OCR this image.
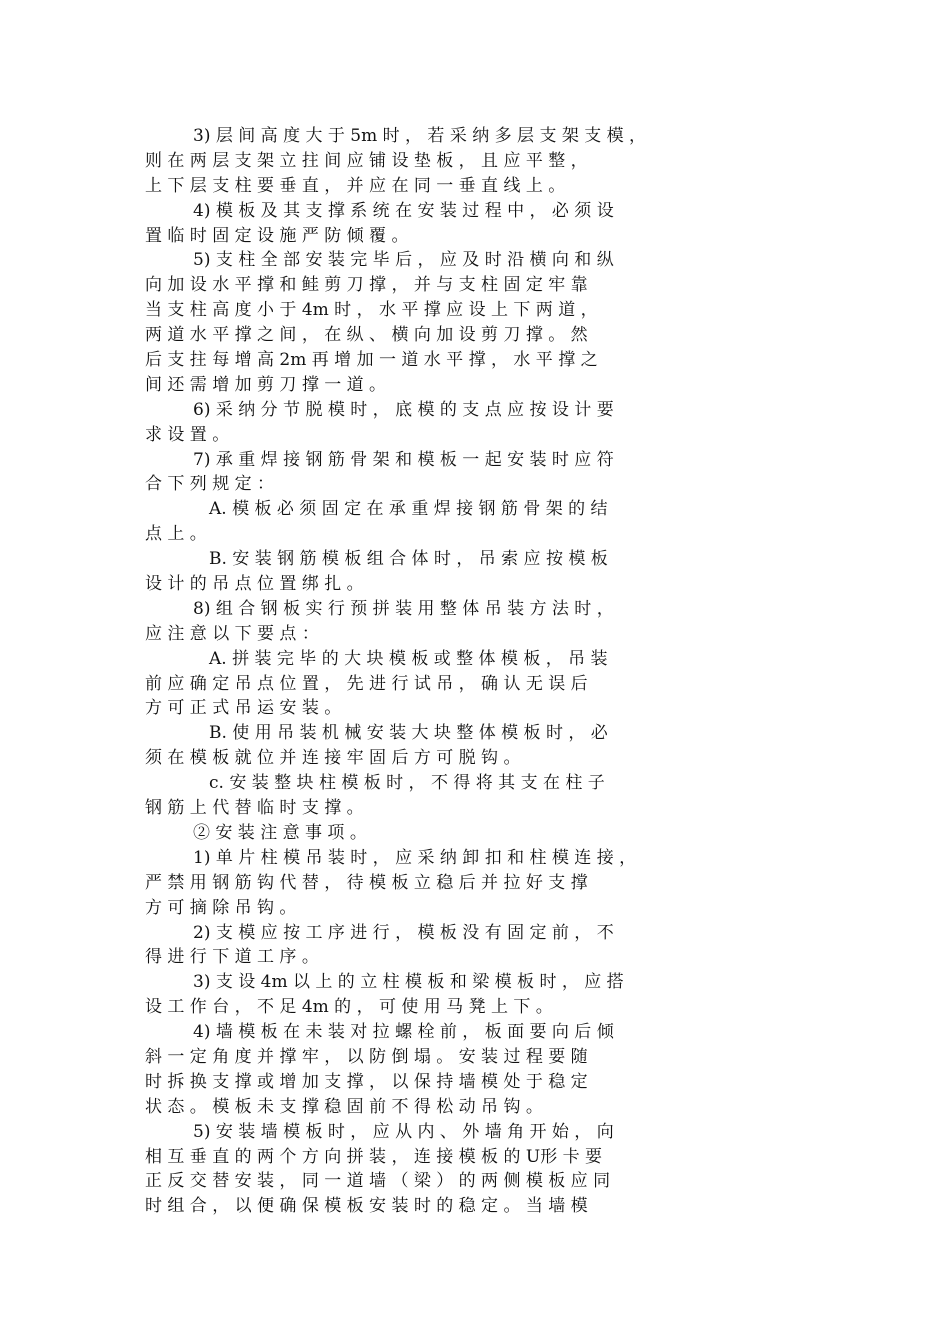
3) 层 间 高 度 大 于 5m 时 ， 若 采 纳 多 层 支 架 支 模 ，
则 在 两 层 支 架 立 拄 间 应 铺 设 垫 板 ， 且 应 平 整 ，
上 下 层 支 柱 要 垂 直 ， 并 应 在 同 一 垂 直 线 上 。
4) 模 板 及 其 支 撑 系 统 在 安 装 过 程 中 ， 必 须 设
置 临 时 固 定 设 施 严 防 倾 覆 。
5) 支 柱 全 部 安 装 完 毕 后 ， 应 及 时 沿 横 向 和 纵
向 加 设 水 平 撑 和 鲑 剪 刀 撑 ， 并 与 支 柱 固 定 牢 靠
当 支 柱 高 度 小 于 4m 时 ， 水 平 撑 应 设 上 下 两 道 ，
两 道 水 平 撑 之 间 ， 在 纵 、 横 向 加 设 剪 刀 撑 。 然
后 支 拄 每 增 高 2m 再 增 加 一 道 水 平 撑 ， 水 平 撑 之
间 还 需 增 加 剪 刀 撑 一 道 。
6) 采 纳 分 节 脱 模 时 ， 底 模 的 支 点 应 按 设 计 要
求 设 置 。
7) 承 重 焊 接 钢 筋 骨 架 和 模 板 一 起 安 装 时 应 符
合 下 列 规 定 ：
A. 模 板 必 须 固 定 在 承 重 焊 接 钢 筋 骨 架 的 结
点 上 。
B. 安 装 钢 筋 模 板 组 合 体 时 ， 吊 索 应 按 模 板
设 计 的 吊 点 位 置 绑 扎 。
8) 组 合 钢 板 实 行 预 拼 装 用 整 体 吊 装 方 法 时 ，
应 注 意 以 下 要 点 ：
A. 拼 装 完 毕 的 大 块 模 板 或 整 体 模 板 ， 吊 装
前 应 确 定 吊 点 位 置 ， 先 进 行 试 吊 ， 确 认 无 误 后
方 可 正 式 吊 运 安 装 。
B. 使 用 吊 装 机 械 安 装 大 块 整 体 模 板 时 ， 必
须 在 模 板 就 位 并 连 接 牢 固 后 方 可 脱 钩 。
c. 安 装 整 块 柱 模 板 时 ， 不 得 将 其 支 在 柱 子
钢 筋 上 代 替 临 时 支 撑 。
② 安 装 注 意 事 项 。
1) 单 片 柱 模 吊 装 时 ， 应 采 纳 卸 扣 和 柱 模 连 接 ，
严 禁 用 钢 筋 钩 代 替 ， 待 模 板 立 稳 后 并 拉 好 支 撑
方 可 摘 除 吊 钩 。
2) 支 模 应 按 工 序 进 行 ， 模 板 没 有 固 定 前 ， 不
得 进 行 下 道 工 序 。
3) 支 设 4m 以 上 的 立 柱 模 板 和 梁 模 板 时 ， 应 搭
设 工 作 台 ， 不 足 4m 的 ， 可 使 用 马 凳 上 下 。
4) 墙 模 板 在 未 装 对 拉 螺 栓 前 ， 板 面 要 向 后 倾
斜 一 定 角 度 并 撑 牢 ， 以 防 倒 塌 。 安 装 过 程 要 随
时 拆 换 支 撑 或 增 加 支 撑 ， 以 保 持 墙 模 处 于 稳 定
状 态 。 模 板 未 支 撑 稳 固 前 不 得 松 动 吊 钩 。
5) 安 装 墙 模 板 时 ， 应 从 内 、 外 墙 角 开 始 ， 向
相 互 垂 直 的 两 个 方 向 拼 装 ， 连 接 模 板 的 U形 卡 要
正 反 交 替 安 装 ， 同 一 道 墙 （ 梁 ） 的 两 侧 模 板 应 同
时 组 合 ， 以 便 确 保 模 板 安 装 时 的 稳 定 。 当 墙 模
